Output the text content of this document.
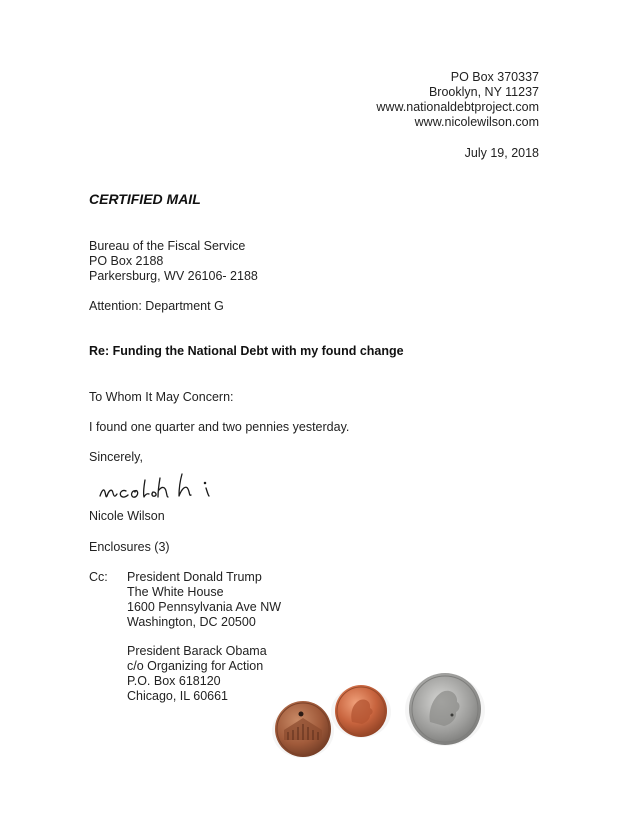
PO Box 370337
Brooklyn, NY 11237
www.nationaldebtproject.com
www.nicolewilson.com
July 19, 2018
CERTIFIED MAIL
Bureau of the Fiscal Service
PO Box 2188
Parkersburg, WV 26106- 2188
Attention: Department G
Re: Funding the National Debt with my found change
To Whom It May Concern:
I found one quarter and two pennies yesterday.
Sincerely,
Nicole Wilson
Enclosures (3)
Cc: President Donald Trump
The White House
1600 Pennsylvania Ave NW
Washington, DC 20500
President Barack Obama
c/o Organizing for Action
P.O. Box 618120
Chicago, IL 60661
